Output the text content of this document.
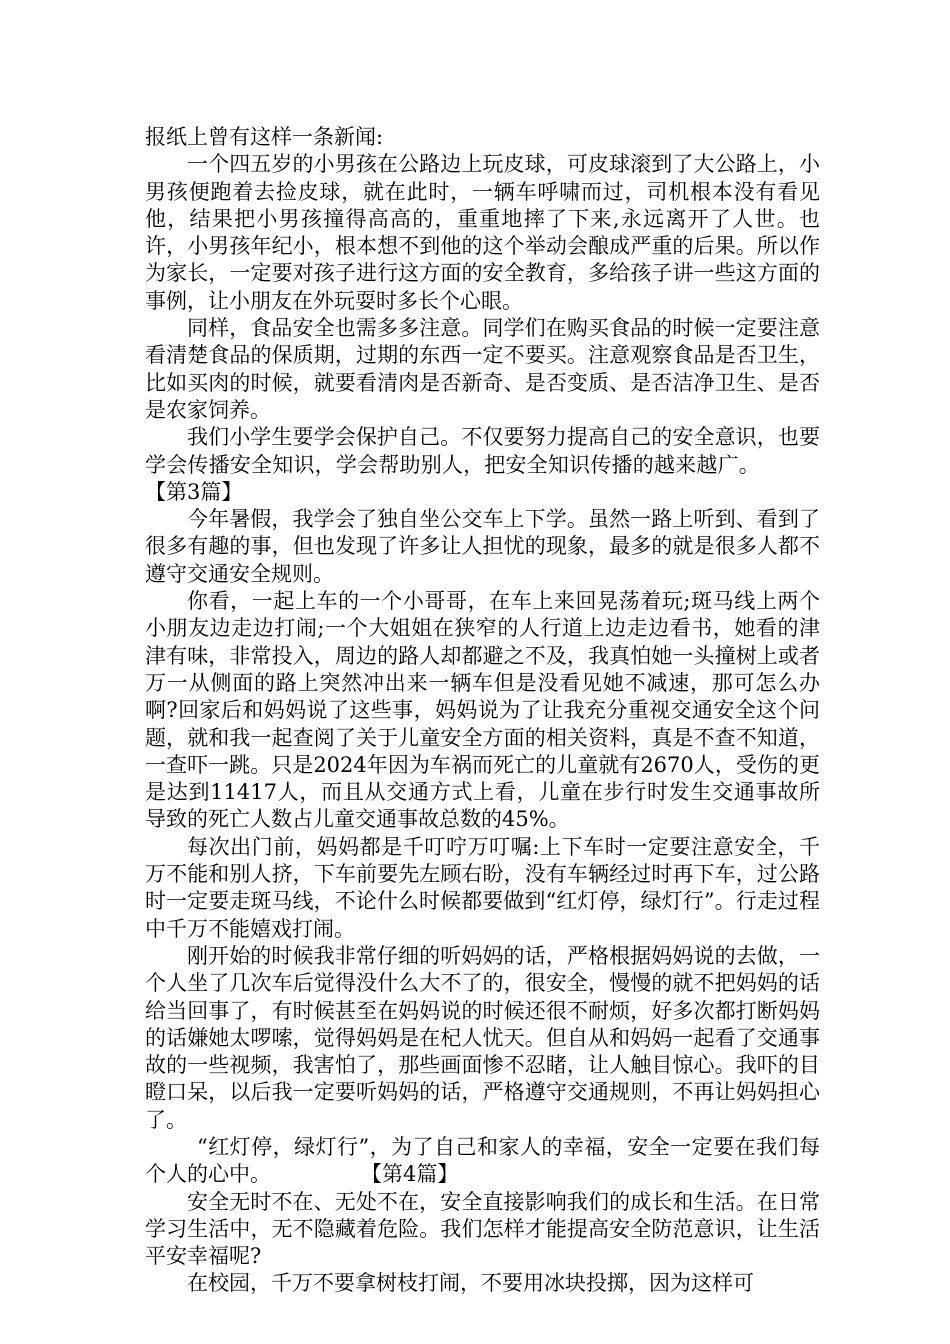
报纸上曾有这样一条新闻:

一个四五岁的小男孩在公路边上玩皮球，可皮球滚到了大公路上，小男孩便跑着去捡皮球，就在此时，一辆车呼啸而过，司机根本没有看见他，结果把小男孩撞得高高的，重重地摔了下来,永远离开了人世。也许，小男孩年纪小，根本想不到他的这个举动会酿成严重的后果。所以作为家长，一定要对孩子进行这方面的安全教育，多给孩子讲一些这方面的事例，让小朋友在外玩耍时多长个心眼。

同样，食品安全也需多多注意。同学们在购买食品的时候一定要注意看清楚食品的保质期，过期的东西一定不要买。注意观察食品是否卫生，比如买肉的时候，就要看清肉是否新奇、是否变质、是否洁净卫生、是否是农家饲养。

我们小学生要学会保护自己。不仅要努力提高自己的安全意识，也要学会传播安全知识，学会帮助别人，把安全知识传播的越来越广。【第3篇】

今年暑假，我学会了独自坐公交车上下学。虽然一路上听到、看到了很多有趣的事，但也发现了许多让人担忧的现象，最多的就是很多人都不遵守交通安全规则。

你看，一起上车的一个小哥哥，在车上来回晃荡着玩;斑马线上两个小朋友边走边打闹;一个大姐姐在狭窄的人行道上边走边看书，她看的津津有味，非常投入，周边的路人却都避之不及，我真怕她一头撞树上或者万一从侧面的路上突然冲出来一辆车但是没看见她不减速，那可怎么办啊?回家后和妈妈说了这些事，妈妈说为了让我充分重视交通安全这个问题，就和我一起查阅了关于儿童安全方面的相关资料，真是不查不知道，一查吓一跳。只是2024年因为车祸而死亡的儿童就有2670人，受伤的更是达到11417人，而且从交通方式上看，儿童在步行时发生交通事故所导致的死亡人数占儿童交通事故总数的45%。

每次出门前，妈妈都是千叮咛万叮嘱:上下车时一定要注意安全，千万不能和别人挤，下车前要先左顾右盼，没有车辆经过时再下车，过公路时一定要走斑马线，不论什么时候都要做到“红灯停，绿灯行”。行走过程中千万不能嬉戏打闹。

刚开始的时候我非常仔细的听妈妈的话，严格根据妈妈说的去做，一个人坐了几次车后觉得没什么大不了的，很安全，慢慢的就不把妈妈的话给当回事了，有时候甚至在妈妈说的时候还很不耐烦，好多次都打断妈妈的话嫌她太啰嗦，觉得妈妈是在杞人忧天。但自从和妈妈一起看了交通事故的一些视频，我害怕了，那些画面惨不忍睹，让人触目惊心。我吓的目瞪口呆，以后我一定要听妈妈的话，严格遵守交通规则，不再让妈妈担心了。

“红灯停，绿灯行”，为了自己和家人的幸福，安全一定要在我们每个人的心中。	【第4篇】

安全无时不在、无处不在，安全直接影响我们的成长和生活。在日常学习生活中，无不隐藏着危险。我们怎样才能提高安全防范意识，让生活平安幸福呢?

在校园，千万不要拿树枝打闹，不要用冰块投掷，因为这样可
